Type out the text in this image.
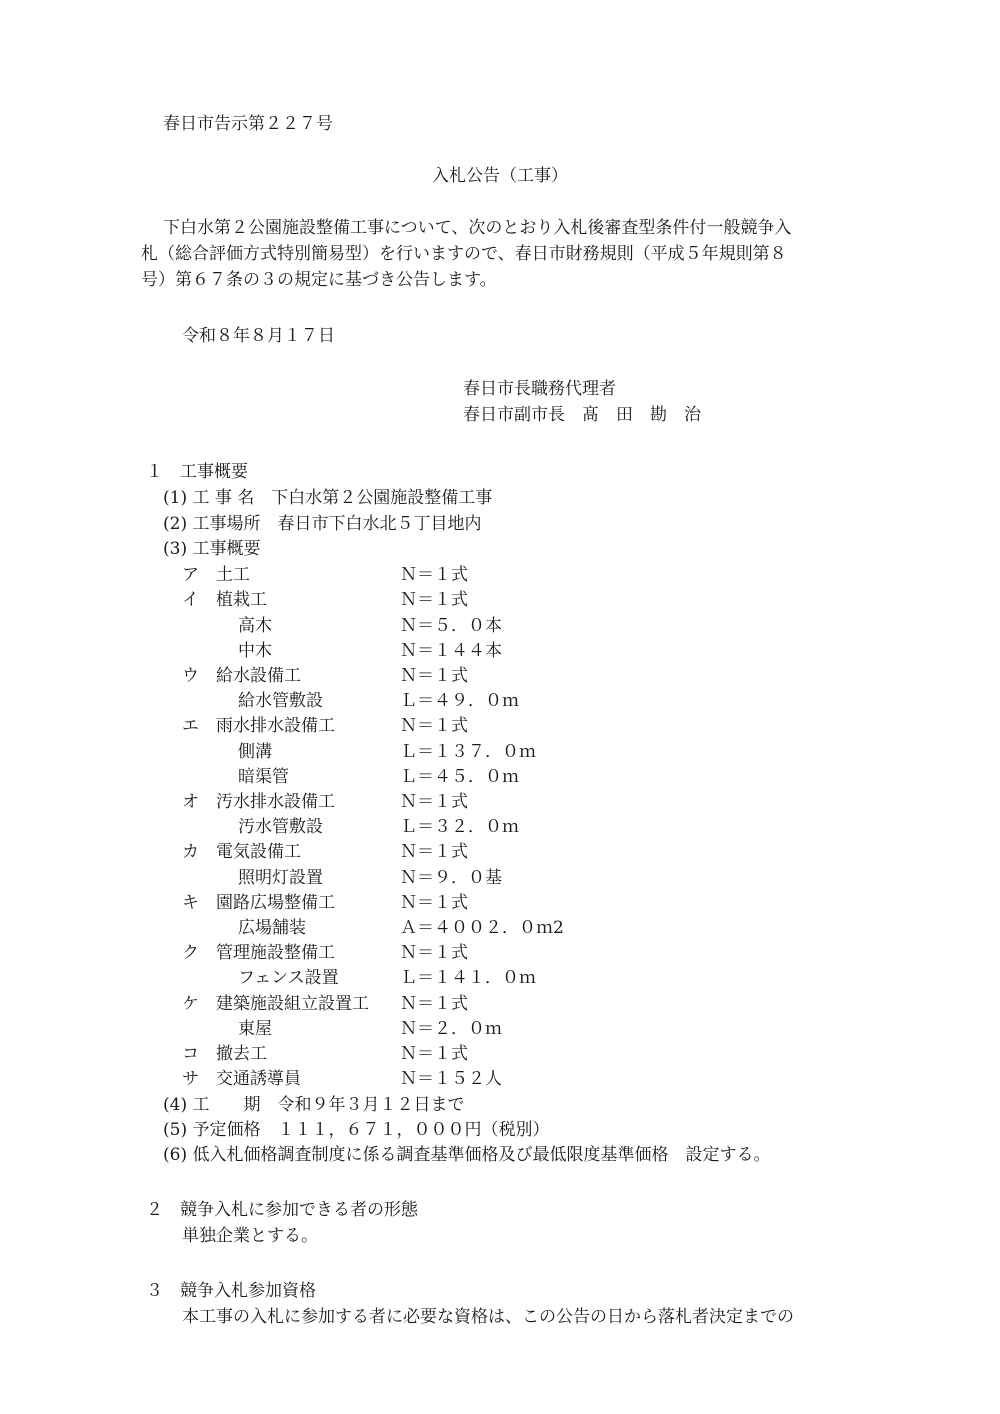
春日市告示第２２７号
入札公告（工事）
下白水第２公園施設整備工事について、次のとおり入札後審査型条件付一般競争入
札（総合評価方式特別簡易型）を行いますので、春日市財務規則（平成５年規則第８
号）第６７条の３の規定に基づき公告します。
令和８年８月１７日
春日市長職務代理者
春日市副市長　髙　田　勘　治
１　工事概要
(1) 工 事 名　下白水第２公園施設整備工事
(2) 工事場所　春日市下白水北５丁目地内
(3) 工事概要
ア　土工	Ｎ＝１式
イ　植栽工	Ｎ＝１式
高木	Ｎ＝５．０本
中木	Ｎ＝１４４本
ウ　給水設備工	Ｎ＝１式
給水管敷設	Ｌ＝４９．０ｍ
エ　雨水排水設備工	Ｎ＝１式
側溝	Ｌ＝１３７．０ｍ
暗渠管	Ｌ＝４５．０ｍ
オ　汚水排水設備工	Ｎ＝１式
汚水管敷設	Ｌ＝３２．０ｍ
カ　電気設備工	Ｎ＝１式
照明灯設置	Ｎ＝９．０基
キ　園路広場整備工	Ｎ＝１式
広場舗装	Ａ＝４００２．０ｍ2
ク　管理施設整備工	Ｎ＝１式
フェンス設置	Ｌ＝１４１．０ｍ
ケ　建築施設組立設置工 Ｎ＝１式
東屋	Ｎ＝２．０ｍ
コ　撤去工	Ｎ＝１式
サ　交通誘導員	Ｎ＝１５２人
(4) 工　　期　令和９年３月１２日まで
(5) 予定価格　１１１，６７１，０００円（税別）
(6) 低入札価格調査制度に係る調査基準価格及び最低限度基準価格　設定する。
２　競争入札に参加できる者の形態
単独企業とする。
３　競争入札参加資格
本工事の入札に参加する者に必要な資格は、この公告の日から落札者決定までの
